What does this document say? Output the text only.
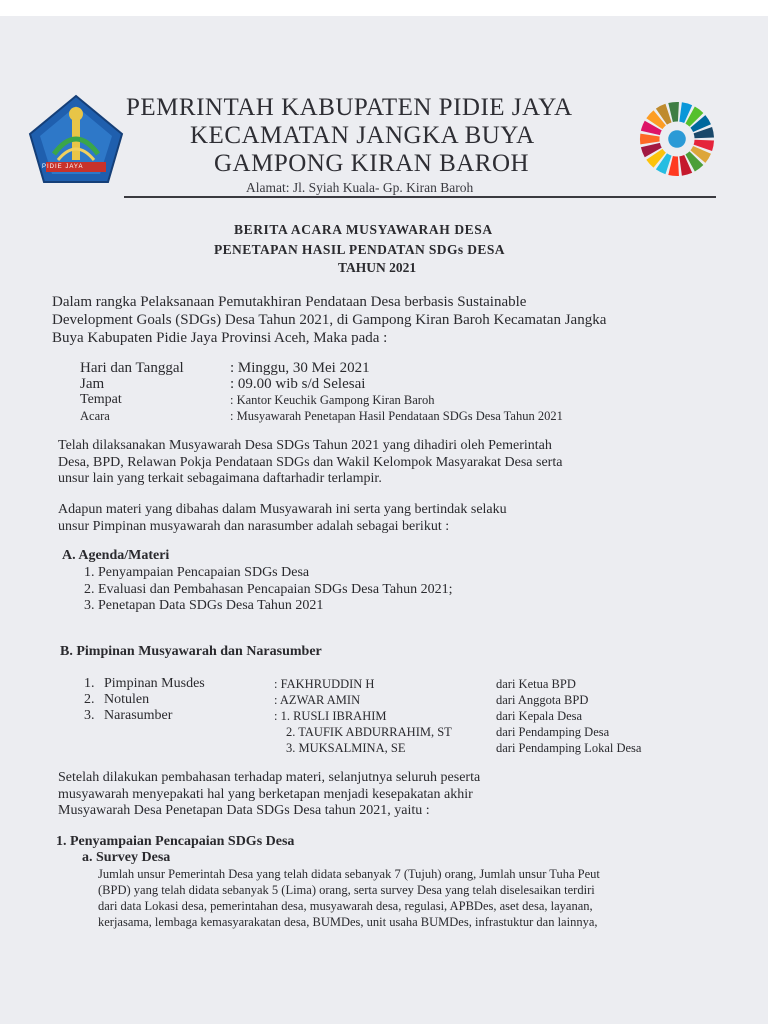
PIDIE JAYA
PEMRINTAH KABUPATEN PIDIE JAYA
KECAMATAN JANGKA BUYA
GAMPONG KIRAN BAROH
Alamat: Jl. Syiah Kuala- Gp. Kiran Baroh
BERITA ACARA MUSYAWARAH DESA
PENETAPAN HASIL PENDATAN SDGs DESA
TAHUN 2021
Dalam rangka Pelaksanaan Pemutakhiran Pendataan Desa berbasis Sustainable
Development Goals (SDGs) Desa Tahun 2021, di Gampong Kiran Baroh Kecamatan Jangka
Buya Kabupaten Pidie Jaya Provinsi Aceh, Maka pada :
Hari dan Tanggal	: Minggu, 30 Mei 2021
Jam	: 09.00 wib s/d Selesai
Tempat	: Kantor Keuchik Gampong Kiran Baroh
Acara	: Musyawarah Penetapan Hasil Pendataan SDGs Desa Tahun 2021
Telah dilaksanakan Musyawarah Desa SDGs Tahun 2021 yang dihadiri oleh Pemerintah
Desa, BPD, Relawan Pokja Pendataan SDGs dan Wakil Kelompok Masyarakat Desa serta
unsur lain yang terkait sebagaimana daftarhadir terlampir.
Adapun materi yang dibahas dalam Musyawarah ini serta yang bertindak selaku
unsur Pimpinan musyawarah dan narasumber adalah sebagai berikut :
A. Agenda/Materi
1. Penyampaian Pencapaian SDGs Desa
2. Evaluasi dan Pembahasan Pencapaian SDGs Desa Tahun 2021;
3. Penetapan Data SDGs Desa Tahun 2021
B. Pimpinan Musyawarah dan Narasumber
1. Pimpinan Musdes	: FAKHRUDDIN H	dari Ketua BPD
2. Notulen	: AZWAR AMIN	dari Anggota BPD
3. Narasumber	: 1. RUSLI IBRAHIM	dari Kepala Desa
2. TAUFIK ABDURRAHIM, ST	dari Pendamping Desa
3. MUKSALMINA, SE	dari Pendamping Lokal Desa
Setelah dilakukan pembahasan terhadap materi, selanjutnya seluruh peserta
musyawarah menyepakati hal yang berketapan menjadi kesepakatan akhir
Musyawarah Desa Penetapan Data SDGs Desa tahun 2021, yaitu :
1. Penyampaian Pencapaian SDGs Desa
a. Survey Desa
Jumlah unsur Pemerintah Desa yang telah didata sebanyak 7 (Tujuh) orang, Jumlah unsur Tuha Peut
(BPD) yang telah didata sebanyak 5 (Lima) orang, serta survey Desa yang telah diselesaikan terdiri
dari data Lokasi desa, pemerintahan desa, musyawarah desa, regulasi, APBDes, aset desa, layanan,
kerjasama, lembaga kemasyarakatan desa, BUMDes, unit usaha BUMDes, infrastuktur dan lainnya,
